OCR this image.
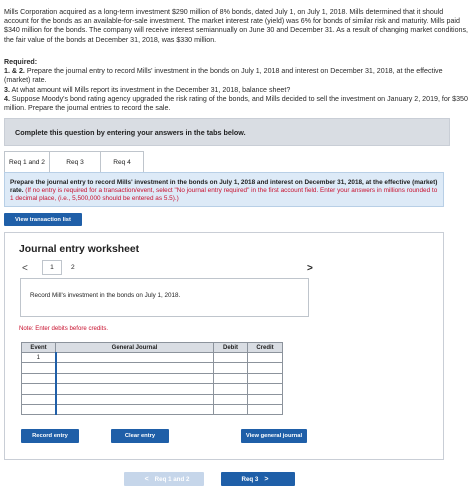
Mills Corporation acquired as a long-term investment $290 million of 8% bonds, dated July 1, on July 1, 2018. Mills determined that it should account for the bonds as an available-for-sale investment. The market interest rate (yield) was 6% for bonds of similar risk and maturity. Mills paid $340 million for the bonds. The company will receive interest semiannually on June 30 and December 31. As a result of changing market conditions, the fair value of the bonds at December 31, 2018, was $330 million.
Required:
1. & 2. Prepare the journal entry to record Mills' investment in the bonds on July 1, 2018 and interest on December 31, 2018, at the effective (market) rate.
3. At what amount will Mills report its investment in the December 31, 2018, balance sheet?
4. Suppose Moody's bond rating agency upgraded the risk rating of the bonds, and Mills decided to sell the investment on January 2, 2019, for $350 million. Prepare the journal entries to record the sale.
Complete this question by entering your answers in the tabs below.
Req 1 and 2	Req 3	Req 4
Prepare the journal entry to record Mills' investment in the bonds on July 1, 2018 and interest on December 31, 2018, at the effective (market) rate. (If no entry is required for a transaction/event, select "No journal entry required" in the first account field. Enter your answers in millions rounded to 1 decimal place, (i.e., 5,500,000 should be entered as 5.5).)
View transaction list
Journal entry worksheet
<	1	2	>
Record Mill's investment in the bonds on July 1, 2018.
Note: Enter debits before credits.
Event	General Journal	Debit	Credit
1			

Record entry	Clear entry	View general journal
< Req 1 and 2	Req 3 >
